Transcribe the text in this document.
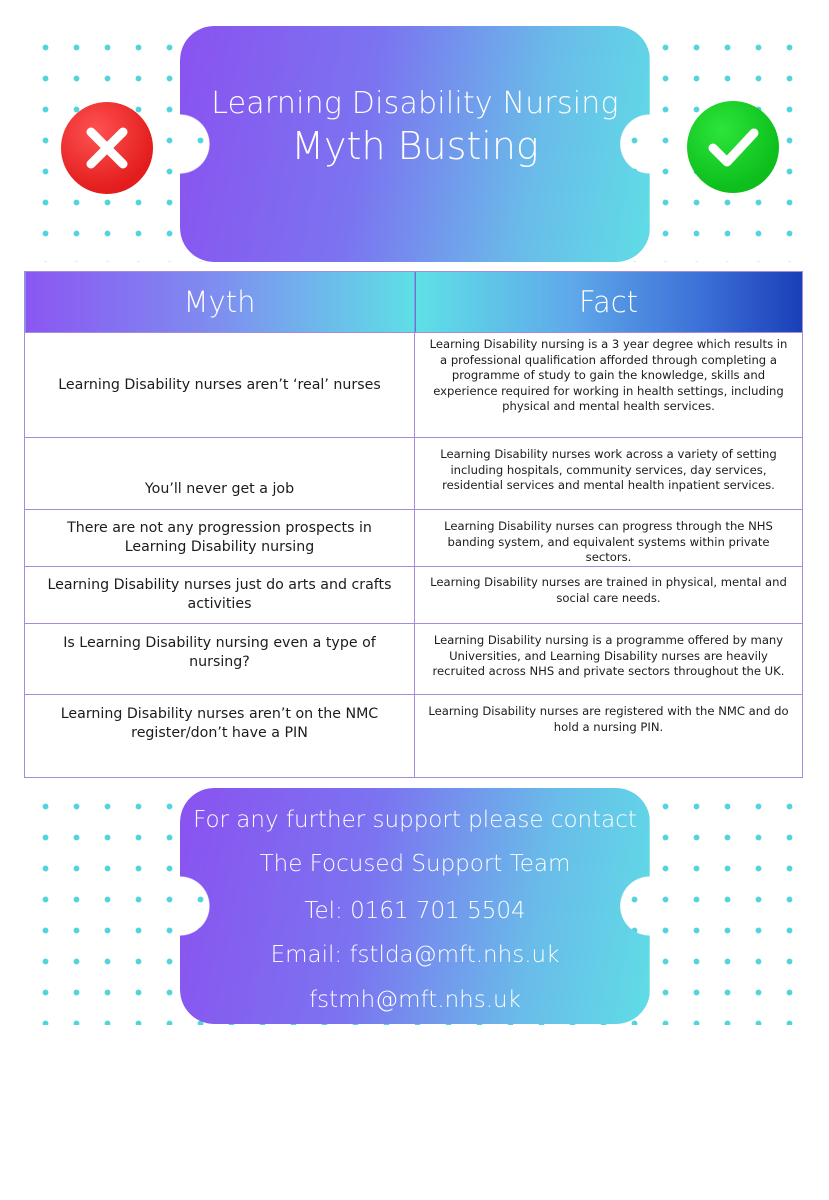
Learning Disability Nursing
Myth Busting
Myth	Fact
Learning Disability nurses aren’t ‘real’ nurses	Learning Disability nursing is a 3 year degree which results in a professional qualification afforded through completing a programme of study to gain the knowledge, skills and experience required for working in health settings, including physical and mental health services.
You’ll never get a job	Learning Disability nurses work across a variety of setting including hospitals, community services, day services, residential services and mental health inpatient services.
There are not any progression prospects in Learning Disability nursing	Learning Disability nurses can progress through the NHS banding system, and equivalent systems within private sectors.
Learning Disability nurses just do arts and crafts activities	Learning Disability nurses are trained in physical, mental and social care needs.
Is Learning Disability nursing even a type of nursing?	Learning Disability nursing is a programme offered by many Universities, and Learning Disability nurses are heavily recruited across NHS and private sectors throughout the UK.
Learning Disability nurses aren’t on the NMC register/don’t have a PIN	Learning Disability nurses are registered with the NMC and do hold a nursing PIN.
For any further support please contact
The Focused Support Team
Tel: 0161 701 5504
Email: fstlda@mft.nhs.uk
fstmh@mft.nhs.uk
